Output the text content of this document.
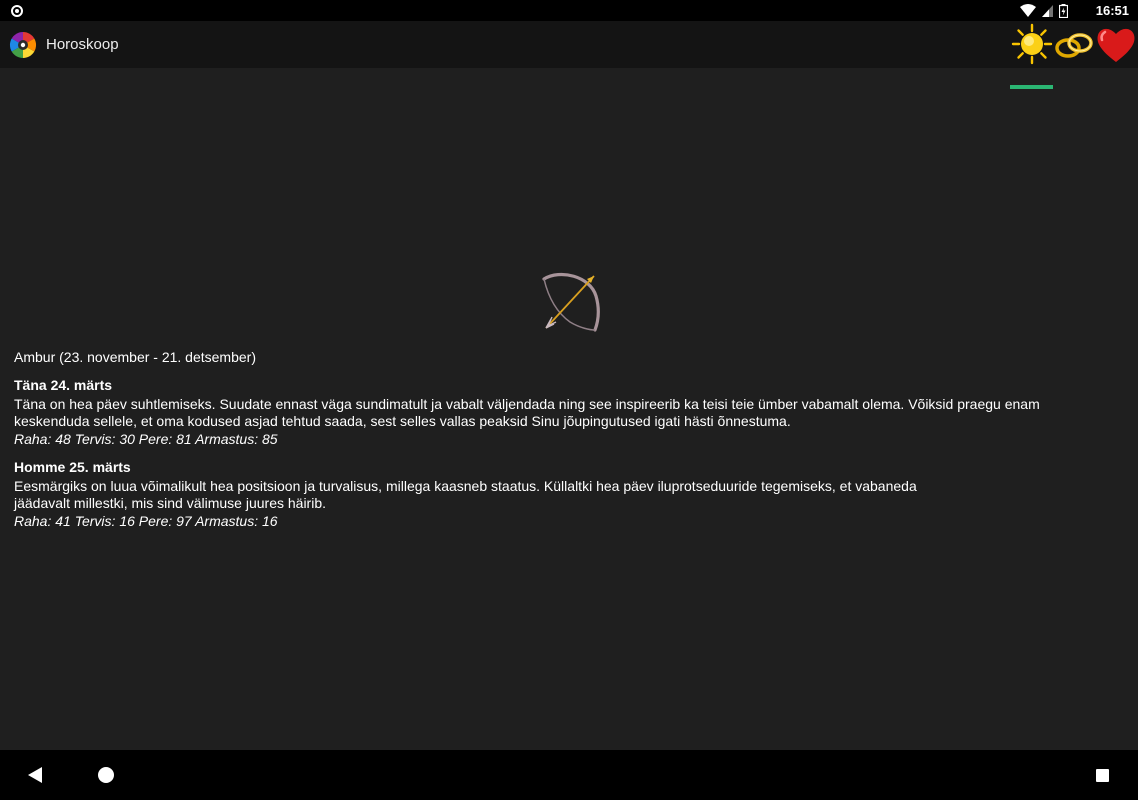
16:51
Horoskoop
Ambur (23. november - 21. detsember)
Täna 24. märts
Täna on hea päev suhtlemiseks. Suudate ennast väga sundimatult ja vabalt väljendada ning see inspireerib ka teisi teie ümber vabamalt olema. Võiksid praegu enam keskenduda sellele, et oma kodused asjad tehtud saada, sest selles vallas peaksid Sinu jõupingutused igati hästi õnnestuma.
Raha: 48 Tervis: 30 Pere: 81 Armastus: 85
Homme 25. märts
Eesmärgiks on luua võimalikult hea positsioon ja turvalisus, millega kaasneb staatus. Küllaltki hea päev iluprotseduuride tegemiseks, et vabaneda
jäädavalt millestki, mis sind välimuse juures häirib.
Raha: 41 Tervis: 16 Pere: 97 Armastus: 16
